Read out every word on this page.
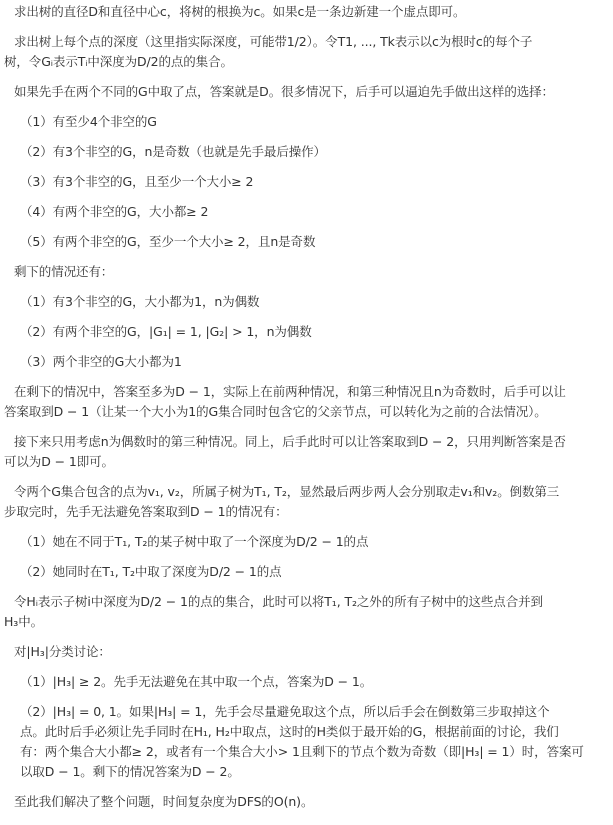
求出树的直径D和直径中心c，将树的根换为c。如果c是一条边新建一个虚点即可。

求出树上每个点的深度（这里指实际深度，可能带1/2）。令T1, ..., Tk表示以c为根时c的每个子
树，令Gᵢ表示Tᵢ中深度为D/2的点的集合。

如果先手在两个不同的G中取了点，答案就是D。很多情况下，后手可以逼迫先手做出这样的选择：

（1）有至少4个非空的G

（2）有3个非空的G，n是奇数（也就是先手最后操作）

（3）有3个非空的G，且至少一个大小≥ 2

（4）有两个非空的G，大小都≥ 2

（5）有两个非空的G，至少一个大小≥ 2，且n是奇数

剩下的情况还有：

（1）有3个非空的G，大小都为1，n为偶数

（2）有两个非空的G，|G₁| = 1, |G₂| > 1，n为偶数

（3）两个非空的G大小都为1

在剩下的情况中，答案至多为D − 1，实际上在前两种情况，和第三种情况且n为奇数时，后手可以让
答案取到D − 1（让某一个大小为1的G集合同时包含它的父亲节点，可以转化为之前的合法情况）。

接下来只用考虑n为偶数时的第三种情况。同上，后手此时可以让答案取到D − 2，只用判断答案是否
可以为D − 1即可。

令两个G集合包含的点为v₁, v₂，所属子树为T₁, T₂，显然最后两步两人会分别取走v₁和v₂。倒数第三
步取完时，先手无法避免答案取到D − 1的情况有：

（1）她在不同于T₁, T₂的某子树中取了一个深度为D/2 − 1的点

（2）她同时在T₁, T₂中取了深度为D/2 − 1的点

令Hᵢ表示子树i中深度为D/2 − 1的点的集合，此时可以将T₁, T₂之外的所有子树中的这些点合并到
H₃中。

对|H₃|分类讨论：

（1）|H₃| ≥ 2。先手无法避免在其中取一个点，答案为D − 1。

（2）|H₃| = 0, 1。如果|H₃| = 1，先手会尽量避免取这个点，所以后手会在倒数第三步取掉这个
点。此时后手必须让先手同时在H₁, H₂中取点，这时的H类似于最开始的G，根据前面的讨论，我们
有：两个集合大小都≥ 2，或者有一个集合大小> 1且剩下的节点个数为奇数（即|H₃| = 1）时，答案可
以取D − 1。剩下的情况答案为D − 2。

至此我们解决了整个问题，时间复杂度为DFS的O(n)。
